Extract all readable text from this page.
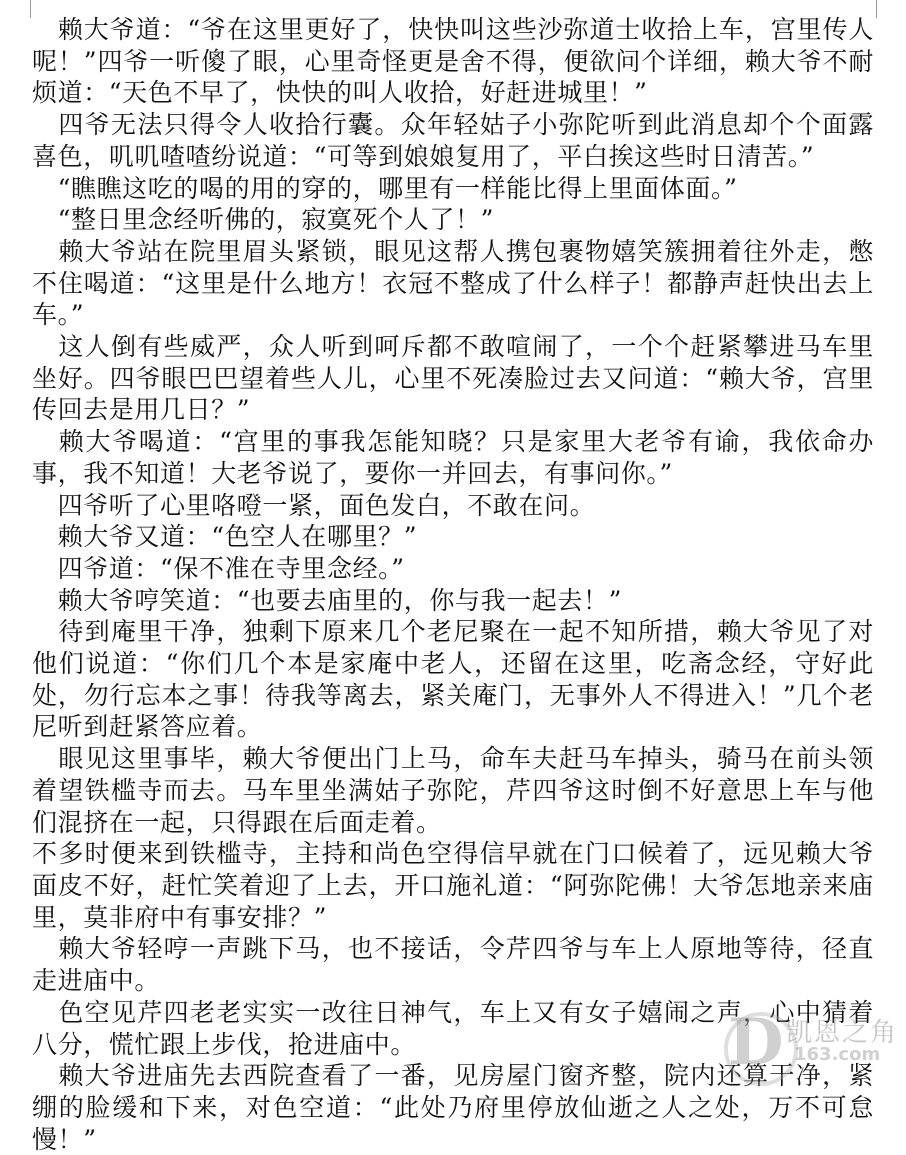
　赖大爷道：“爷在这里更好了，快快叫这些沙弥道士收拾上车，宫里传人呢！”四爷一听傻了眼，心里奇怪更是舍不得，便欲问个详细，赖大爷不耐烦道：“天色不早了，快快的叫人收拾，好赶进城里！”

　四爷无法只得令人收拾行囊。众年轻姑子小弥陀听到此消息却个个面露喜色，叽叽喳喳纷说道：“可等到娘娘复用了，平白挨这些时日清苦。”

　“瞧瞧这吃的喝的用的穿的，哪里有一样能比得上里面体面。”

　“整日里念经听佛的，寂寞死个人了！”

　赖大爷站在院里眉头紧锁，眼见这帮人携包裹物嬉笑簇拥着往外走，憋不住喝道：“这里是什么地方！衣冠不整成了什么样子！都静声赶快出去上车。”

　这人倒有些威严，众人听到呵斥都不敢喧闹了，一个个赶紧攀进马车里坐好。四爷眼巴巴望着些人儿，心里不死凑脸过去又问道：“赖大爷，宫里传回去是用几日？”

　赖大爷喝道：“宫里的事我怎能知晓？只是家里大老爷有谕，我依命办事，我不知道！大老爷说了，要你一并回去，有事问你。”

　四爷听了心里咯噔一紧，面色发白，不敢在问。

　赖大爷又道：“色空人在哪里？”

　四爷道：“保不准在寺里念经。”

　赖大爷哼笑道：“也要去庙里的，你与我一起去！”

　待到庵里干净，独剩下原来几个老尼聚在一起不知所措，赖大爷见了对他们说道：“你们几个本是家庵中老人，还留在这里，吃斋念经，守好此处，勿行忘本之事！待我等离去，紧关庵门，无事外人不得进入！”几个老尼听到赶紧答应着。

　眼见这里事毕，赖大爷便出门上马，命车夫赶马车掉头，骑马在前头领着望铁槛寺而去。马车里坐满姑子弥陀，芹四爷这时倒不好意思上车与他们混挤在一起，只得跟在后面走着。

不多时便来到铁槛寺，主持和尚色空得信早就在门口候着了，远见赖大爷面皮不好，赶忙笑着迎了上去，开口施礼道：“阿弥陀佛！大爷怎地亲来庙里，莫非府中有事安排？”

　赖大爷轻哼一声跳下马，也不接话，令芹四爷与车上人原地等待，径直走进庙中。

　色空见芹四老老实实一改往日神气，车上又有女子嬉闹之声，心中猜着八分，慌忙跟上步伐，抢进庙中。

　赖大爷进庙先去西院查看了一番，见房屋门窗齐整，院内还算干净，紧绷的脸缓和下来，对色空道：“此处乃府里停放仙逝之人之处，万不可怠慢！”

D 凯恩之角
163.com
